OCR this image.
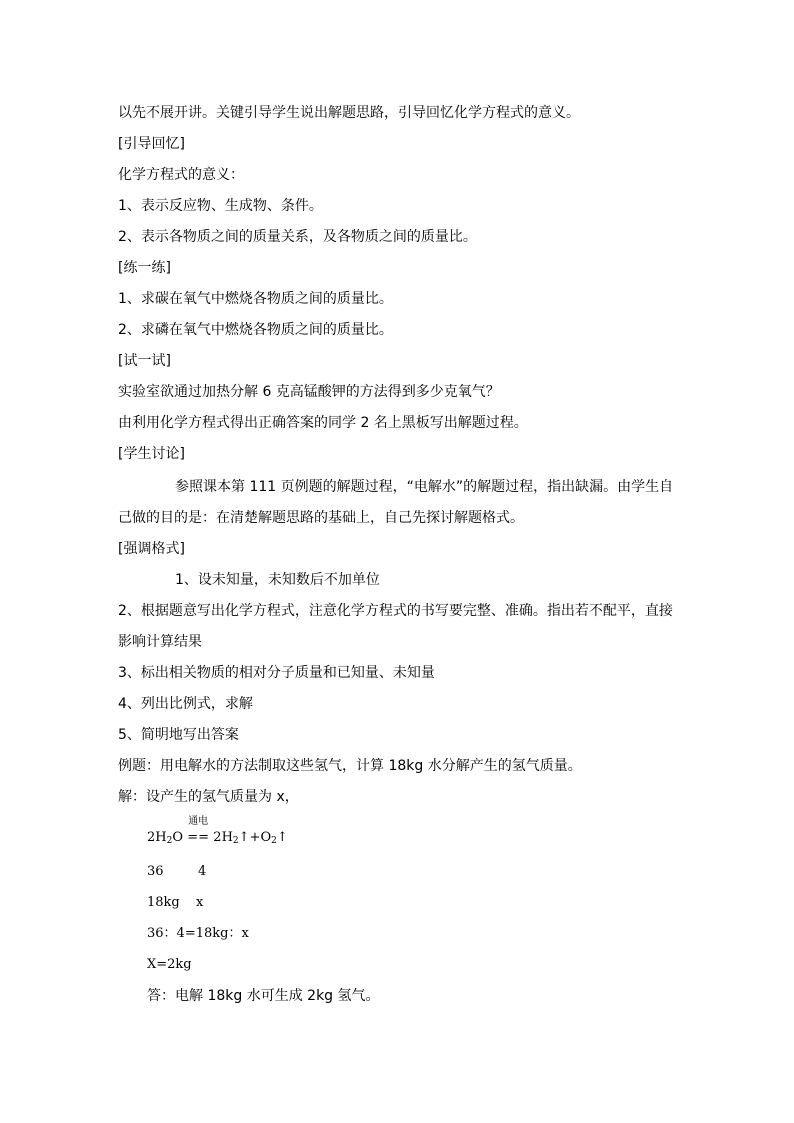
以先不展开讲。关键引导学生说出解题思路，引导回忆化学方程式的意义。
[引导回忆]
化学方程式的意义：
1、表示反应物、生成物、条件。
2、表示各物质之间的质量关系，及各物质之间的质量比。
[练一练]
1、求碳在氧气中燃烧各物质之间的质量比。
2、求磷在氧气中燃烧各物质之间的质量比。
[试一试]
实验室欲通过加热分解 6 克高锰酸钾的方法得到多少克氧气？
由利用化学方程式得出正确答案的同学 2 名上黑板写出解题过程。
[学生讨论]
参照课本第 111 页例题的解题过程，“电解水”的解题过程，指出缺漏。由学生自
己做的目的是：在清楚解题思路的基础上，自己先探讨解题格式。
[强调格式]
1、设未知量，未知数后不加单位
2、根据题意写出化学方程式，注意化学方程式的书写要完整、准确。指出若不配平，直接
影响计算结果
3、标出相关物质的相对分子质量和已知量、未知量
4、列出比例式，求解
5、简明地写出答案
例题：用电解水的方法制取这些氢气，计算 18kg 水分解产生的氢气质量。
解：设产生的氢气质量为 x，
$2H_2O$
通电
== $2H_2↑+O_2↑$
36	4
18kg x
36：4=18kg：x
X=2kg
答：电解 18kg 水可生成 2kg 氢气。
